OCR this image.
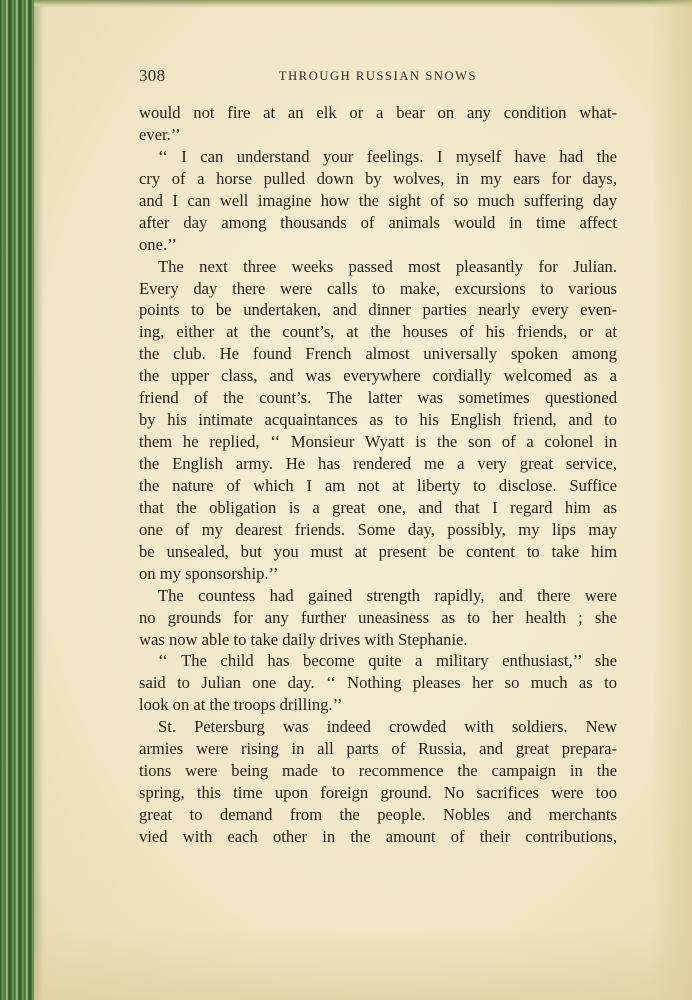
308	THROUGH RUSSIAN SNOWS
would not fire at an elk or a bear on any condition what-
ever.’’
‘‘ I can understand your feelings. I myself have had the
cry of a horse pulled down by wolves, in my ears for days,
and I can well imagine how the sight of so much suffering day
after day among thousands of animals would in time affect
one.’’
The next three weeks passed most pleasantly for Julian.
Every day there were calls to make, excursions to various
points to be undertaken, and dinner parties nearly every even-
ing, either at the count’s, at the houses of his friends, or at
the club. He found French almost universally spoken among
the upper class, and was everywhere cordially welcomed as a
friend of the count’s. The latter was sometimes questioned
by his intimate acquaintances as to his English friend, and to
them he replied, ‘‘ Monsieur Wyatt is the son of a colonel in
the English army. He has rendered me a very great service,
the nature of which I am not at liberty to disclose. Suffice
that the obligation is a great one, and that I regard him as
one of my dearest friends. Some day, possibly, my lips may
be unsealed, but you must at present be content to take him
on my sponsorship.’’
The countess had gained strength rapidly, and there were
no grounds for any further uneasiness as to her health ; she
was now able to take daily drives with Stephanie.
‘‘ The child has become quite a military enthusiast,’’ she
said to Julian one day. ‘‘ Nothing pleases her so much as to
look on at the troops drilling.’’
St. Petersburg was indeed crowded with soldiers. New
armies were rising in all parts of Russia, and great prepara-
tions were being made to recommence the campaign in the
spring, this time upon foreign ground. No sacrifices were too
great to demand from the people. Nobles and merchants
vied with each other in the amount of their contributions,
